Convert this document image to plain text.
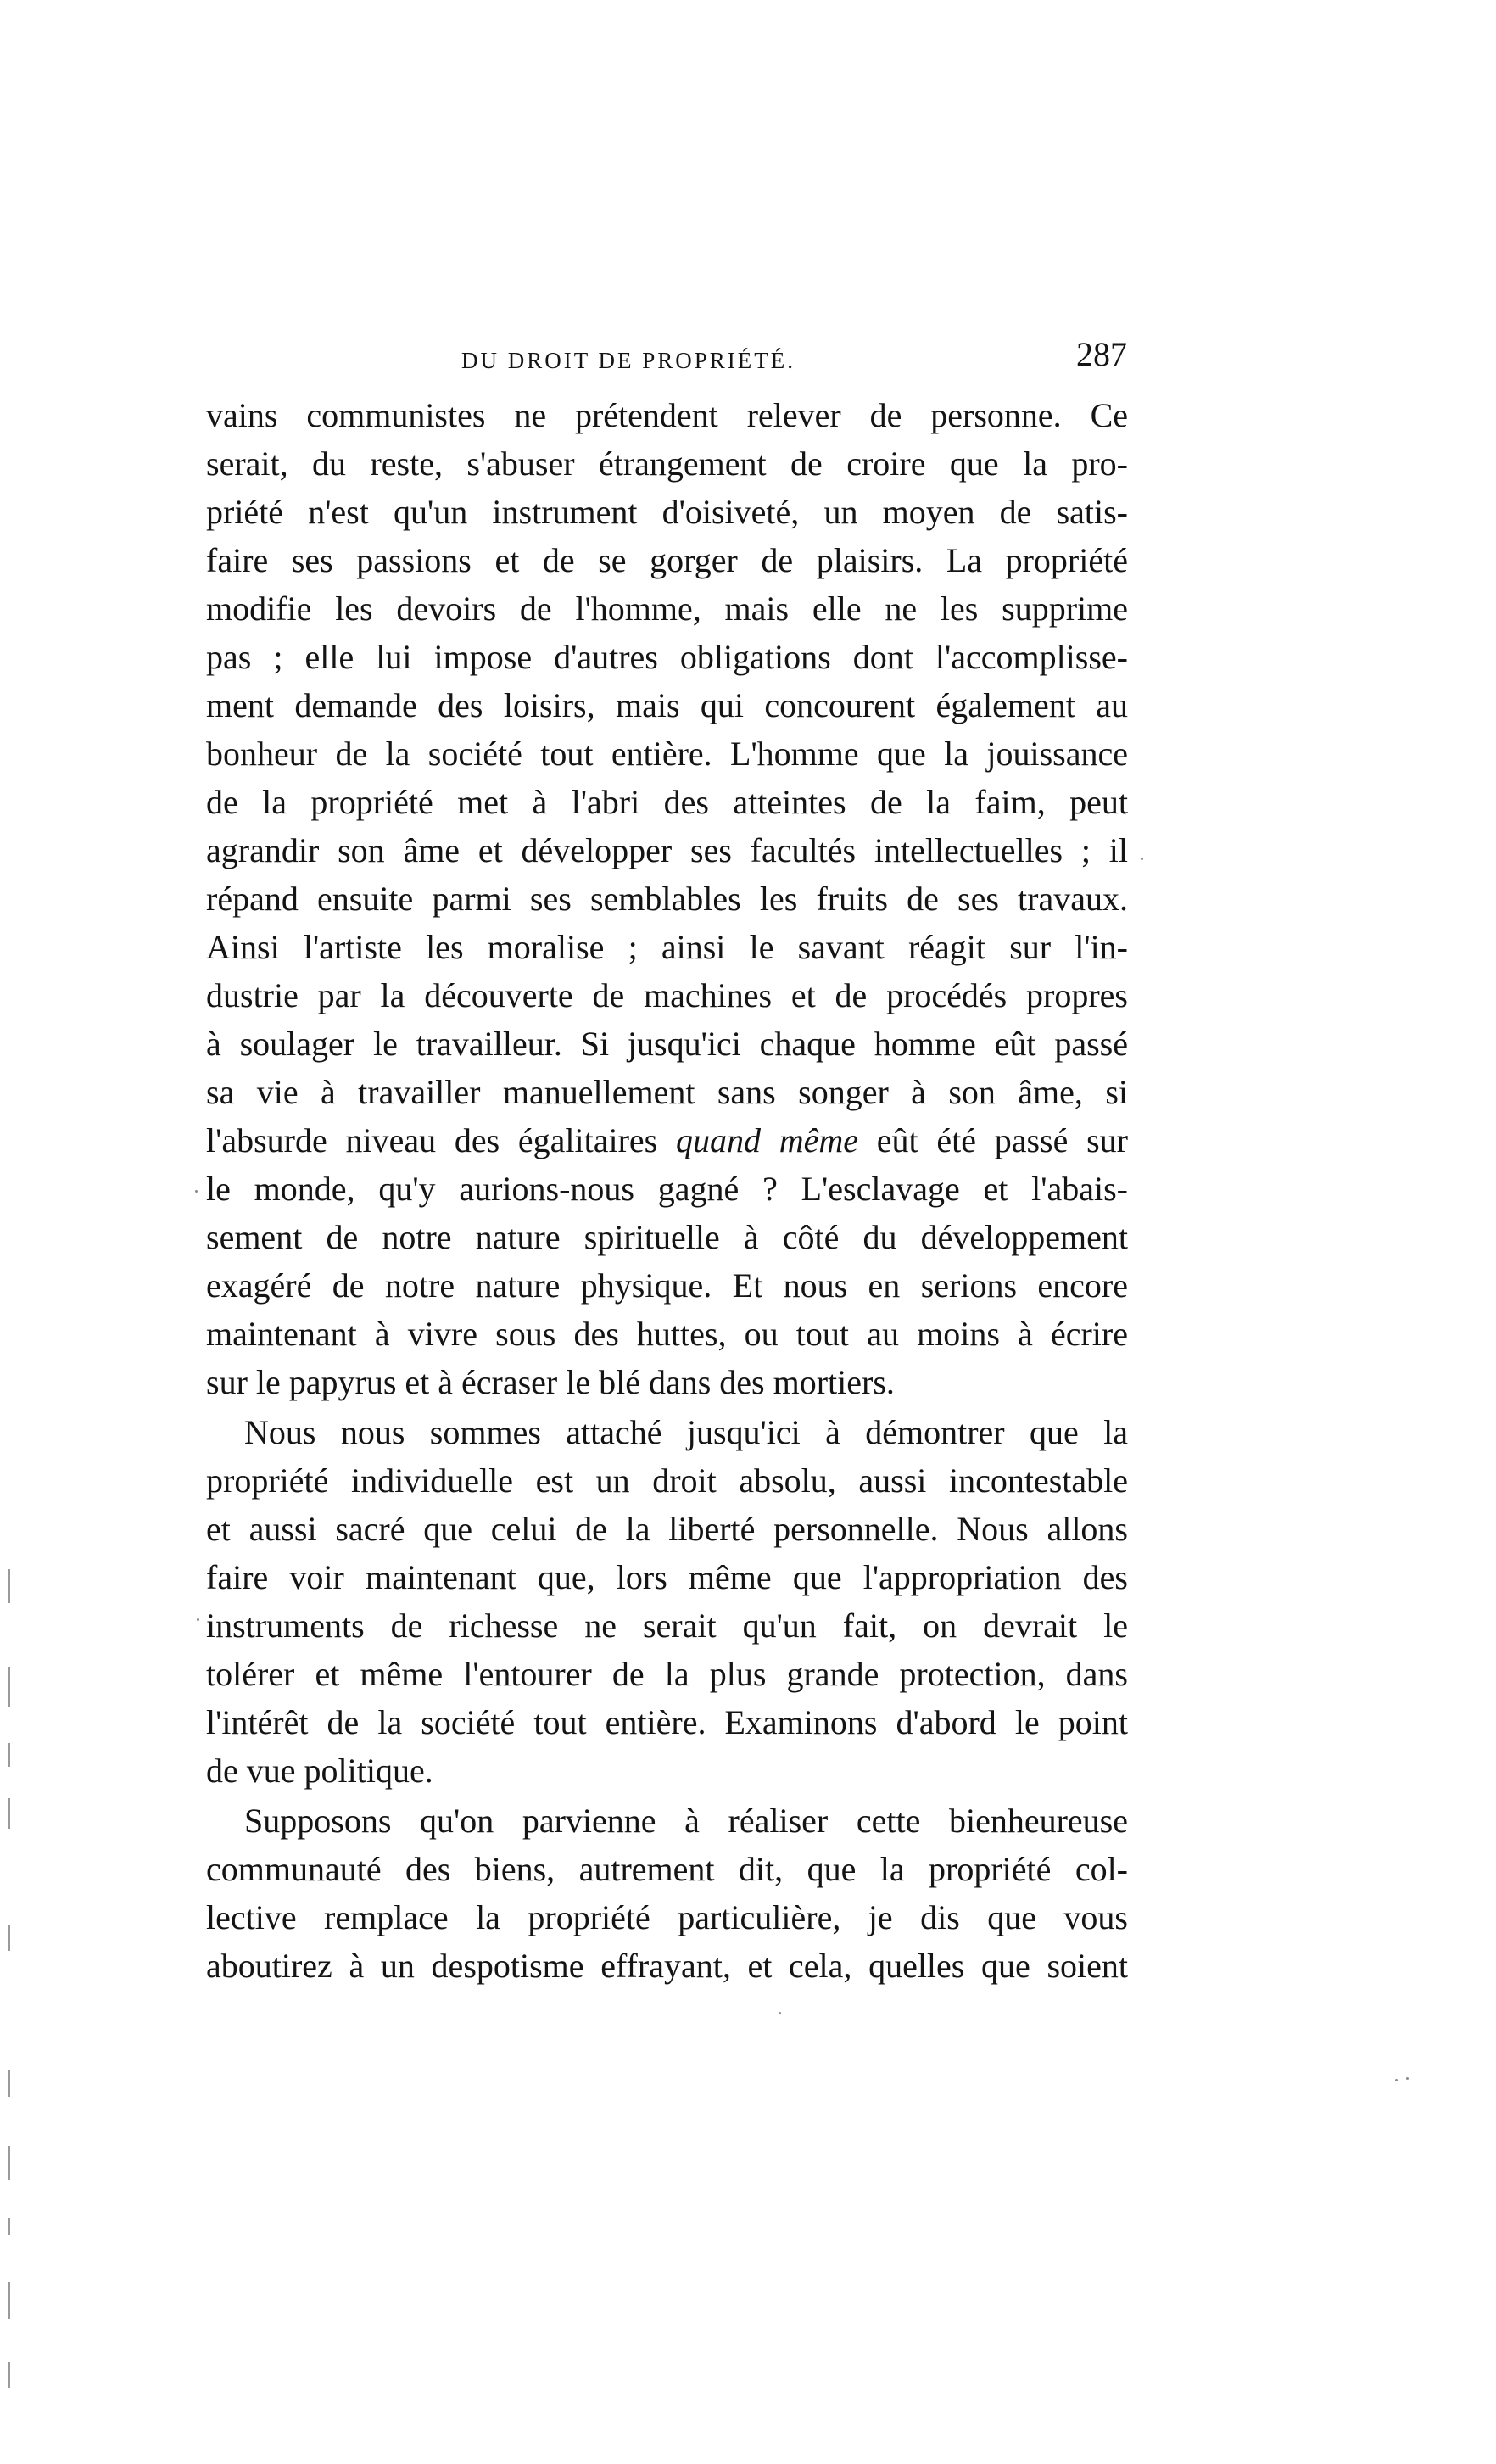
DU DROIT DE PROPRIÉTÉ.	287
vains communistes ne prétendent relever de personne. Ce
serait, du reste, s'abuser étrangement de croire que la pro-
priété n'est qu'un instrument d'oisiveté, un moyen de satis-
faire ses passions et de se gorger de plaisirs. La propriété
modifie les devoirs de l'homme, mais elle ne les supprime
pas ; elle lui impose d'autres obligations dont l'accomplisse-
ment demande des loisirs, mais qui concourent également au
bonheur de la société tout entière. L'homme que la jouissance
de la propriété met à l'abri des atteintes de la faim, peut
agrandir son âme et développer ses facultés intellectuelles ; il
répand ensuite parmi ses semblables les fruits de ses travaux.
Ainsi l'artiste les moralise ; ainsi le savant réagit sur l'in-
dustrie par la découverte de machines et de procédés propres
à soulager le travailleur. Si jusqu'ici chaque homme eût passé
sa vie à travailler manuellement sans songer à son âme, si
l'absurde niveau des égalitaires quand même eût été passé sur
le monde, qu'y aurions-nous gagné ? L'esclavage et l'abais-
sement de notre nature spirituelle à côté du développement
exagéré de notre nature physique. Et nous en serions encore
maintenant à vivre sous des huttes, ou tout au moins à écrire
sur le papyrus et à écraser le blé dans des mortiers.
Nous nous sommes attaché jusqu'ici à démontrer que la
propriété individuelle est un droit absolu, aussi incontestable
et aussi sacré que celui de la liberté personnelle. Nous allons
faire voir maintenant que, lors même que l'appropriation des
instruments de richesse ne serait qu'un fait, on devrait le
tolérer et même l'entourer de la plus grande protection, dans
l'intérêt de la société tout entière. Examinons d'abord le point
de vue politique.
Supposons qu'on parvienne à réaliser cette bienheureuse
communauté des biens, autrement dit, que la propriété col-
lective remplace la propriété particulière, je dis que vous
aboutirez à un despotisme effrayant, et cela, quelles que soient
